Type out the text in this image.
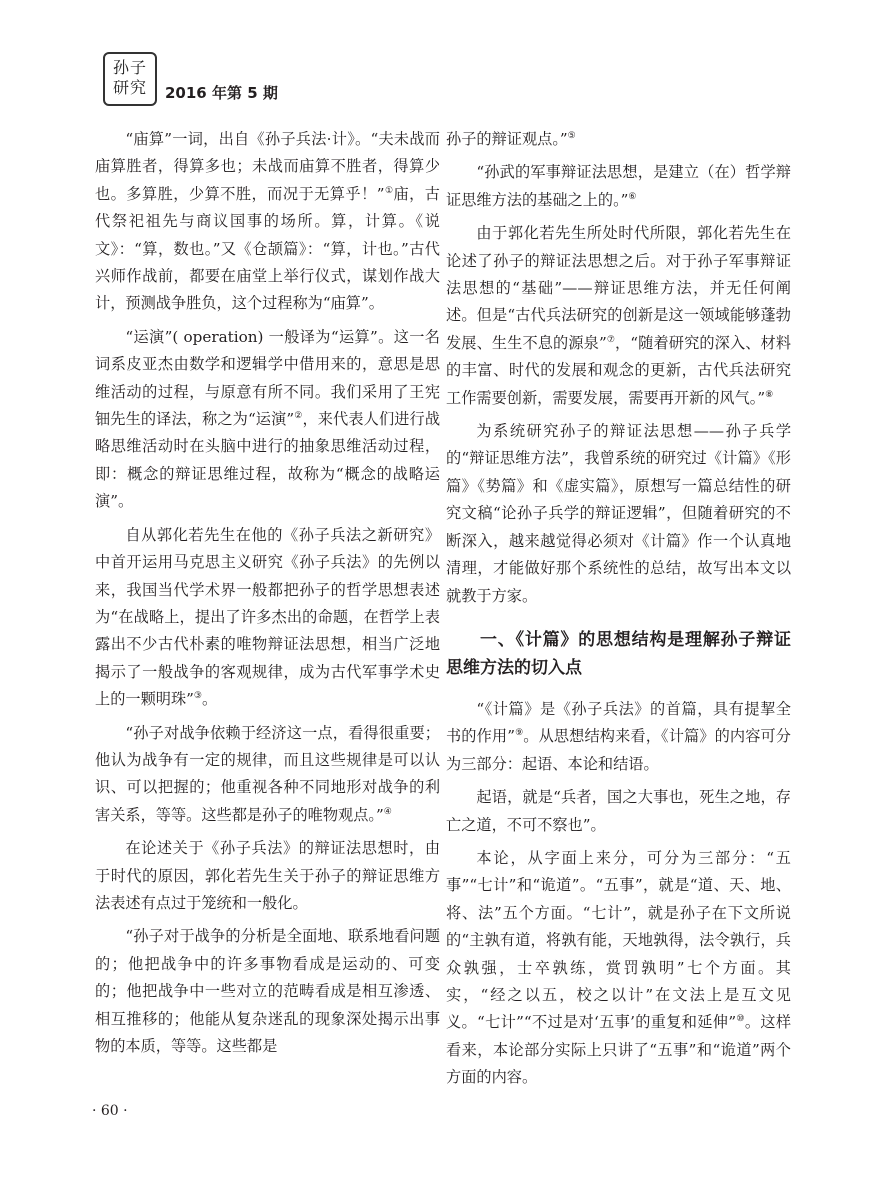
孙子研究	2016 年第 5 期

“庙算”一词，出自《孙子兵法·计》。“夫未战而庙算胜者，得算多也；未战而庙算不胜者，得算少也。多算胜，少算不胜，而况于无算乎！”①庙，古代祭祀祖先与商议国事的场所。算，计算。《说文》：“算，数也。”又《仓颉篇》：“算，计也。”古代兴师作战前，都要在庙堂上举行仪式，谋划作战大计，预测战争胜负，这个过程称为“庙算”。

“运演”( operation) 一般译为“运算”。这一名词系皮亚杰由数学和逻辑学中借用来的，意思是思维活动的过程，与原意有所不同。我们采用了王宪钿先生的译法，称之为“运演”②，来代表人们进行战略思维活动时在头脑中进行的抽象思维活动过程，即：概念的辩证思维过程，故称为“概念的战略运演”。

自从郭化若先生在他的《孙子兵法之新研究》中首开运用马克思主义研究《孙子兵法》的先例以来，我国当代学术界一般都把孙子的哲学思想表述为“在战略上，提出了许多杰出的命题，在哲学上表露出不少古代朴素的唯物辩证法思想，相当广泛地揭示了一般战争的客观规律，成为古代军事学术史上的一颗明珠”③。

“孙子对战争依赖于经济这一点，看得很重要；他认为战争有一定的规律，而且这些规律是可以认识、可以把握的；他重视各种不同地形对战争的利害关系，等等。这些都是孙子的唯物观点。”④

在论述关于《孙子兵法》的辩证法思想时，由于时代的原因，郭化若先生关于孙子的辩证思维方法表述有点过于笼统和一般化。

“孙子对于战争的分析是全面地、联系地看问题的；他把战争中的许多事物看成是运动的、可变的；他把战争中一些对立的范畴看成是相互渗透、相互推移的；他能从复杂迷乱的现象深处揭示出事物的本质，等等。这些都是

孙子的辩证观点。”⑤

“孙武的军事辩证法思想，是建立（在）哲学辩证思维方法的基础之上的。”⑥

由于郭化若先生所处时代所限，郭化若先生在论述了孙子的辩证法思想之后。对于孙子军事辩证法思想的“基础”——辩证思维方法，并无任何阐述。但是“古代兵法研究的创新是这一领域能够蓬勃发展、生生不息的源泉”⑦，“随着研究的深入、材料的丰富、时代的发展和观念的更新，古代兵法研究工作需要创新，需要发展，需要再开新的风气。”⑧

为系统研究孙子的辩证法思想——孙子兵学的“辩证思维方法”，我曾系统的研究过《计篇》《形篇》《势篇》和《虚实篇》，原想写一篇总结性的研究文稿“论孙子兵学的辩证逻辑”，但随着研究的不断深入，越来越觉得必须对《计篇》作一个认真地清理，才能做好那个系统性的总结，故写出本文以就教于方家。

一、《计篇》的思想结构是理解孙子辩证思维方法的切入点

“《计篇》是《孙子兵法》的首篇，具有提挈全书的作用”⑨。从思想结构来看，《计篇》的内容可分为三部分：起语、本论和结语。

起语，就是“兵者，国之大事也，死生之地，存亡之道，不可不察也”。

本论，从字面上来分，可分为三部分：“五事”“七计”和“诡道”。“五事”，就是“道、天、地、将、法”五个方面。“七计”，就是孙子在下文所说的“主孰有道，将孰有能，天地孰得，法令孰行，兵众孰强，士卒孰练，赏罚孰明”七个方面。其实，“经之以五，校之以计”在文法上是互文见义。“七计”“不过是对‘五事’的重复和延伸”⑩。这样看来，本论部分实际上只讲了“五事”和“诡道”两个方面的内容。

· 60 ·
